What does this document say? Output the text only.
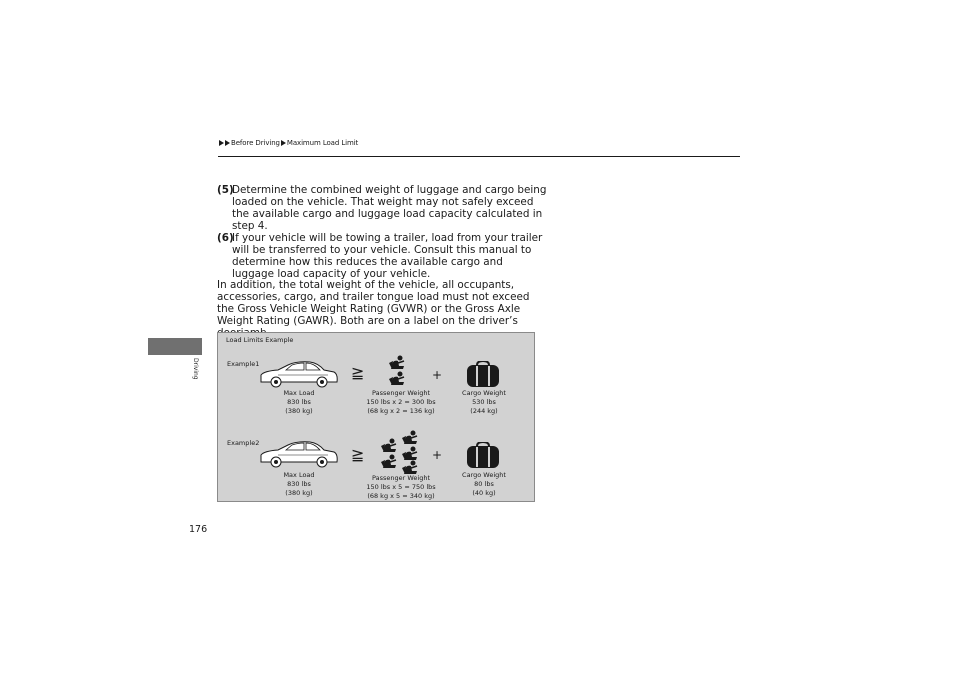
Before Driving Maximum Load Limit
(5)
Determine the combined weight of luggage and cargo being loaded on the vehicle. That weight may not safely exceed the available cargo and luggage load capacity calculated in step 4.
(6)
If your vehicle will be towing a trailer, load from your trailer will be transferred to your vehicle. Consult this manual to determine how this reduces the available cargo and luggage load capacity of your vehicle.
In addition, the total weight of the vehicle, all occupants, accessories, cargo, and trailer tongue load must not exceed the Gross Vehicle Weight Rating (GVWR) or the Gross Axle Weight Rating (GAWR). Both are on a label on the driver’s
Driving
Load Limits Example
Example1
Max Load
830 lbs
(380 kg)
≧	+
Passenger Weight
150 lbs x 2 = 300 lbs
(68 kg x 2 = 136 kg)
Cargo Weight
530 lbs
(244 kg)
Example2
Max Load
830 lbs
(380 kg)
≧	+
Passenger Weight
150 lbs x 5 = 750 lbs
(68 kg x 5 = 340 kg)
Cargo Weight
80 lbs
(40 kg)
176
